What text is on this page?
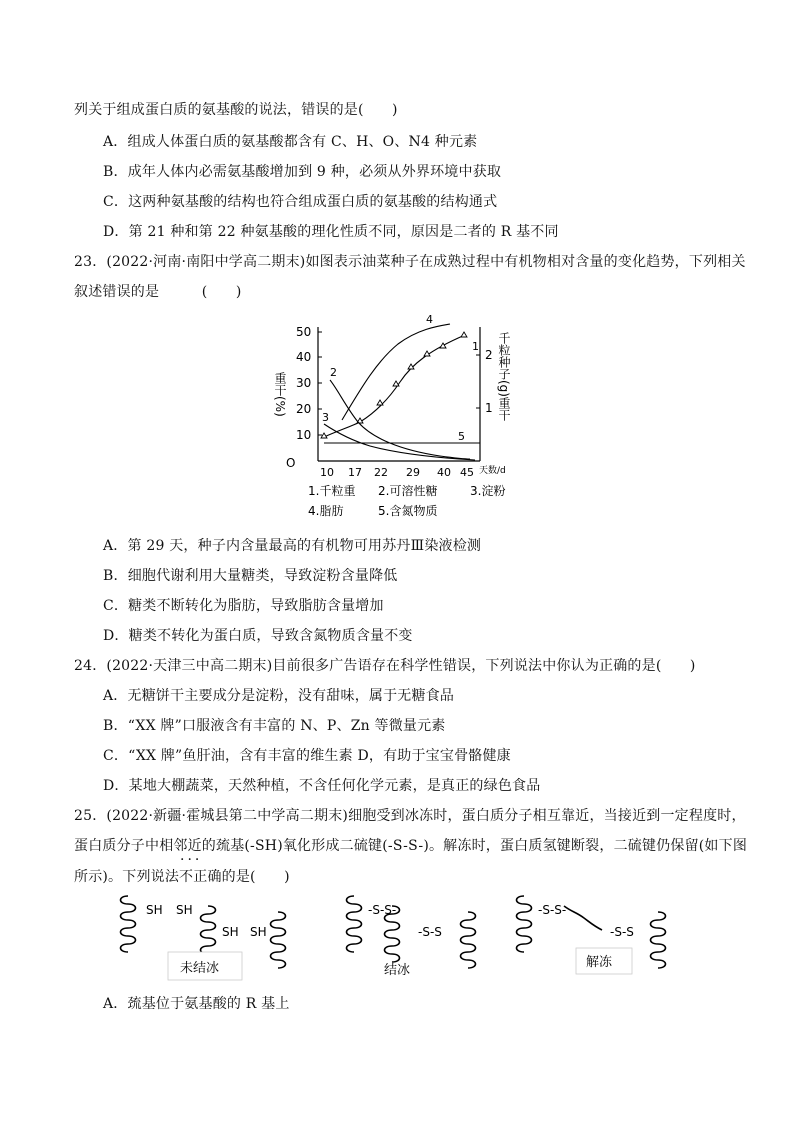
列关于组成蛋白质的氨基酸的说法，错误的是(　　)
A．组成人体蛋白质的氨基酸都含有 C、H、O、N4 种元素
B．成年人体内必需氨基酸增加到 9 种，必须从外界环境中获取
C．这两种氨基酸的结构也符合组成蛋白质的氨基酸的结构通式
D．第 21 种和第 22 种氨基酸的理化性质不同，原因是二者的 R 基不同
23．(2022·河南·南阳中学高二期末)如图表示油菜种子在成熟过程中有机物相对含量的变化趋势，下列相关
叙述错误的是　　　(　　)
50
40
30
20
10
O
重干(%)
2
1 千粒种子(g)重干
10 17 22 29 40 45 天数/d
4
1
2
3
5
1.千粒重 2.可溶性糖	3.淀粉
4.脂肪	5.含氮物质
A．第 29 天，种子内含量最高的有机物可用苏丹Ⅲ染液检测
B．细胞代谢利用大量糖类，导致淀粉含量降低
C．糖类不断转化为脂肪，导致脂肪含量增加
D．糖类不转化为蛋白质，导致含氮物质含量不变
24．(2022·天津三中高二期末)目前很多广告语存在科学性错误，下列说法中你认为正确的是(　　)
A．无糖饼干主要成分是淀粉，没有甜味，属于无糖食品
B．“XX 牌”口服液含有丰富的 N、P、Zn 等微量元素
C．“XX 牌”鱼肝油，含有丰富的维生素 D，有助于宝宝骨骼健康
D．某地大棚蔬菜，天然种植，不含任何化学元素，是真正的绿色食品
25．(2022·新疆·霍城县第二中学高二期末)细胞受到冰冻时，蛋白质分子相互靠近，当接近到一定程度时，
蛋白质分子中相邻近的巯基(-SH)氧化形成二硫键(-S-S-)。解冻时，蛋白质氢键断裂，二硫键仍保留(如下图
···
所示)。下列说法不正确的是(　　)
SH SH
SH SH
未结冰
-S-S-
-S-S
结冰
-S-S-
-S-S
解冻
A．巯基位于氨基酸的 R 基上
